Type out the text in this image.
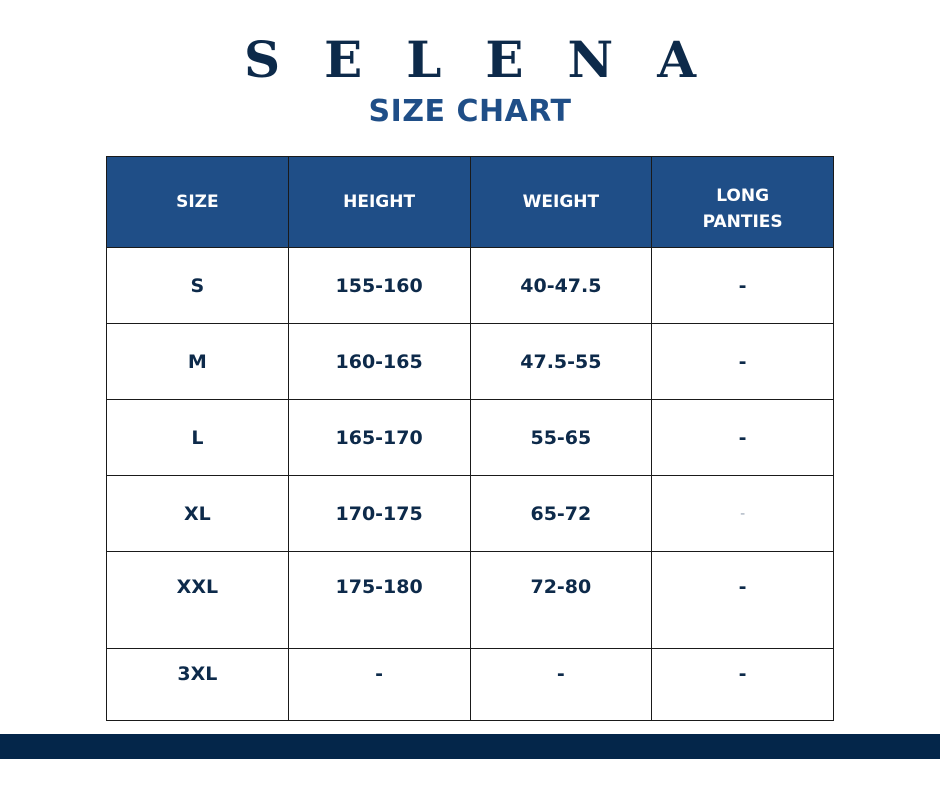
SELENA
SIZE CHART
SIZE	HEIGHT	WEIGHT	LONG PANTIES
S	155-160	40-47.5	-
M	160-165	47.5-55	-
L	165-170	55-65	-
XL	170-175	65-72	-
XXL	175-180	72-80	-
3XL	-	-	-
